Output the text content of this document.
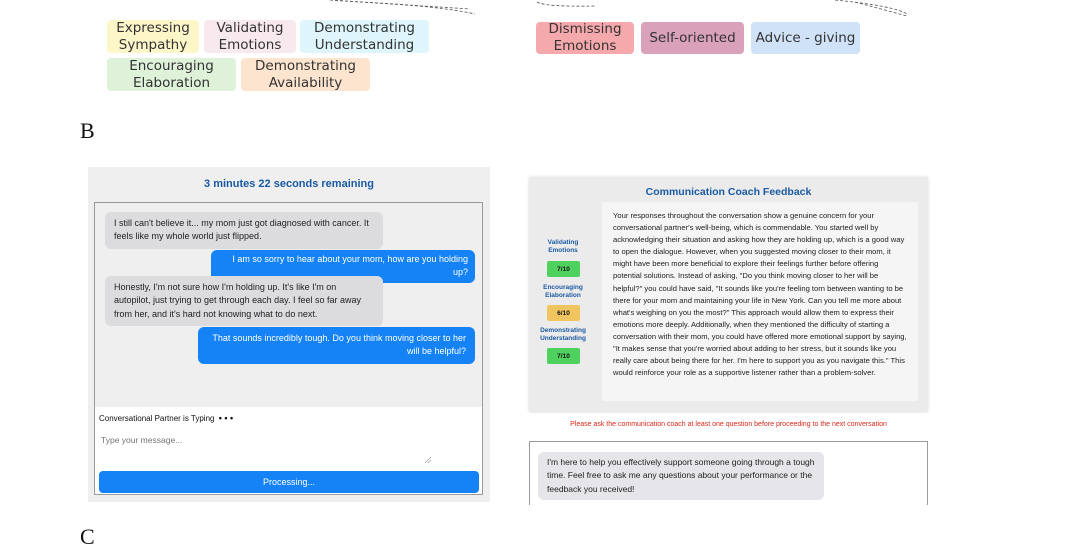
Expressing
Sympathy
Validating
Emotions
Demonstrating
Understanding
Encouraging
Elaboration
Demonstrating
Availability
Dismissing
Emotions
Self-oriented	Advice - giving
B
C
3 minutes 22 seconds remaining
I still can't believe it... my mom just got diagnosed with cancer. It feels like my whole world just flipped.
I am so sorry to hear about your mom, how are you holding up?
Honestly, I'm not sure how I'm holding up. It's like I'm on autopilot, just trying to get through each day. I feel so far away from her, and it's hard not knowing what to do next.
That sounds incredibly tough. Do you think moving closer to her will be helpful?
Conversational Partner is Typing • • •
Type your message...
Processing...
Communication Coach Feedback
Validating
Emotions
7/10
Encouraging
Elaboration
6/10
Demonstrating
Understanding
7/10
Your responses throughout the conversation show a genuine concern for your conversational partner's well-being, which is commendable. You started well by acknowledging their situation and asking how they are holding up, which is a good way to open the dialogue. However, when you suggested moving closer to their mom, it might have been more beneficial to explore their feelings further before offering potential solutions. Instead of asking, "Do you think moving closer to her will be helpful?" you could have said, "It sounds like you're feeling torn between wanting to be there for your mom and maintaining your life in New York. Can you tell me more about what's weighing on you the most?" This approach would allow them to express their emotions more deeply. Additionally, when they mentioned the difficulty of starting a conversation with their mom, you could have offered more emotional support by saying, "It makes sense that you're worried about adding to her stress, but it sounds like you really care about being there for her. I'm here to support you as you navigate this." This would reinforce your role as a supportive listener rather than a problem-solver.
Please ask the communication coach at least one question before proceeding to the next conversation
I'm here to help you effectively support someone going through a tough time. Feel free to ask me any questions about your performance or the feedback you received!
